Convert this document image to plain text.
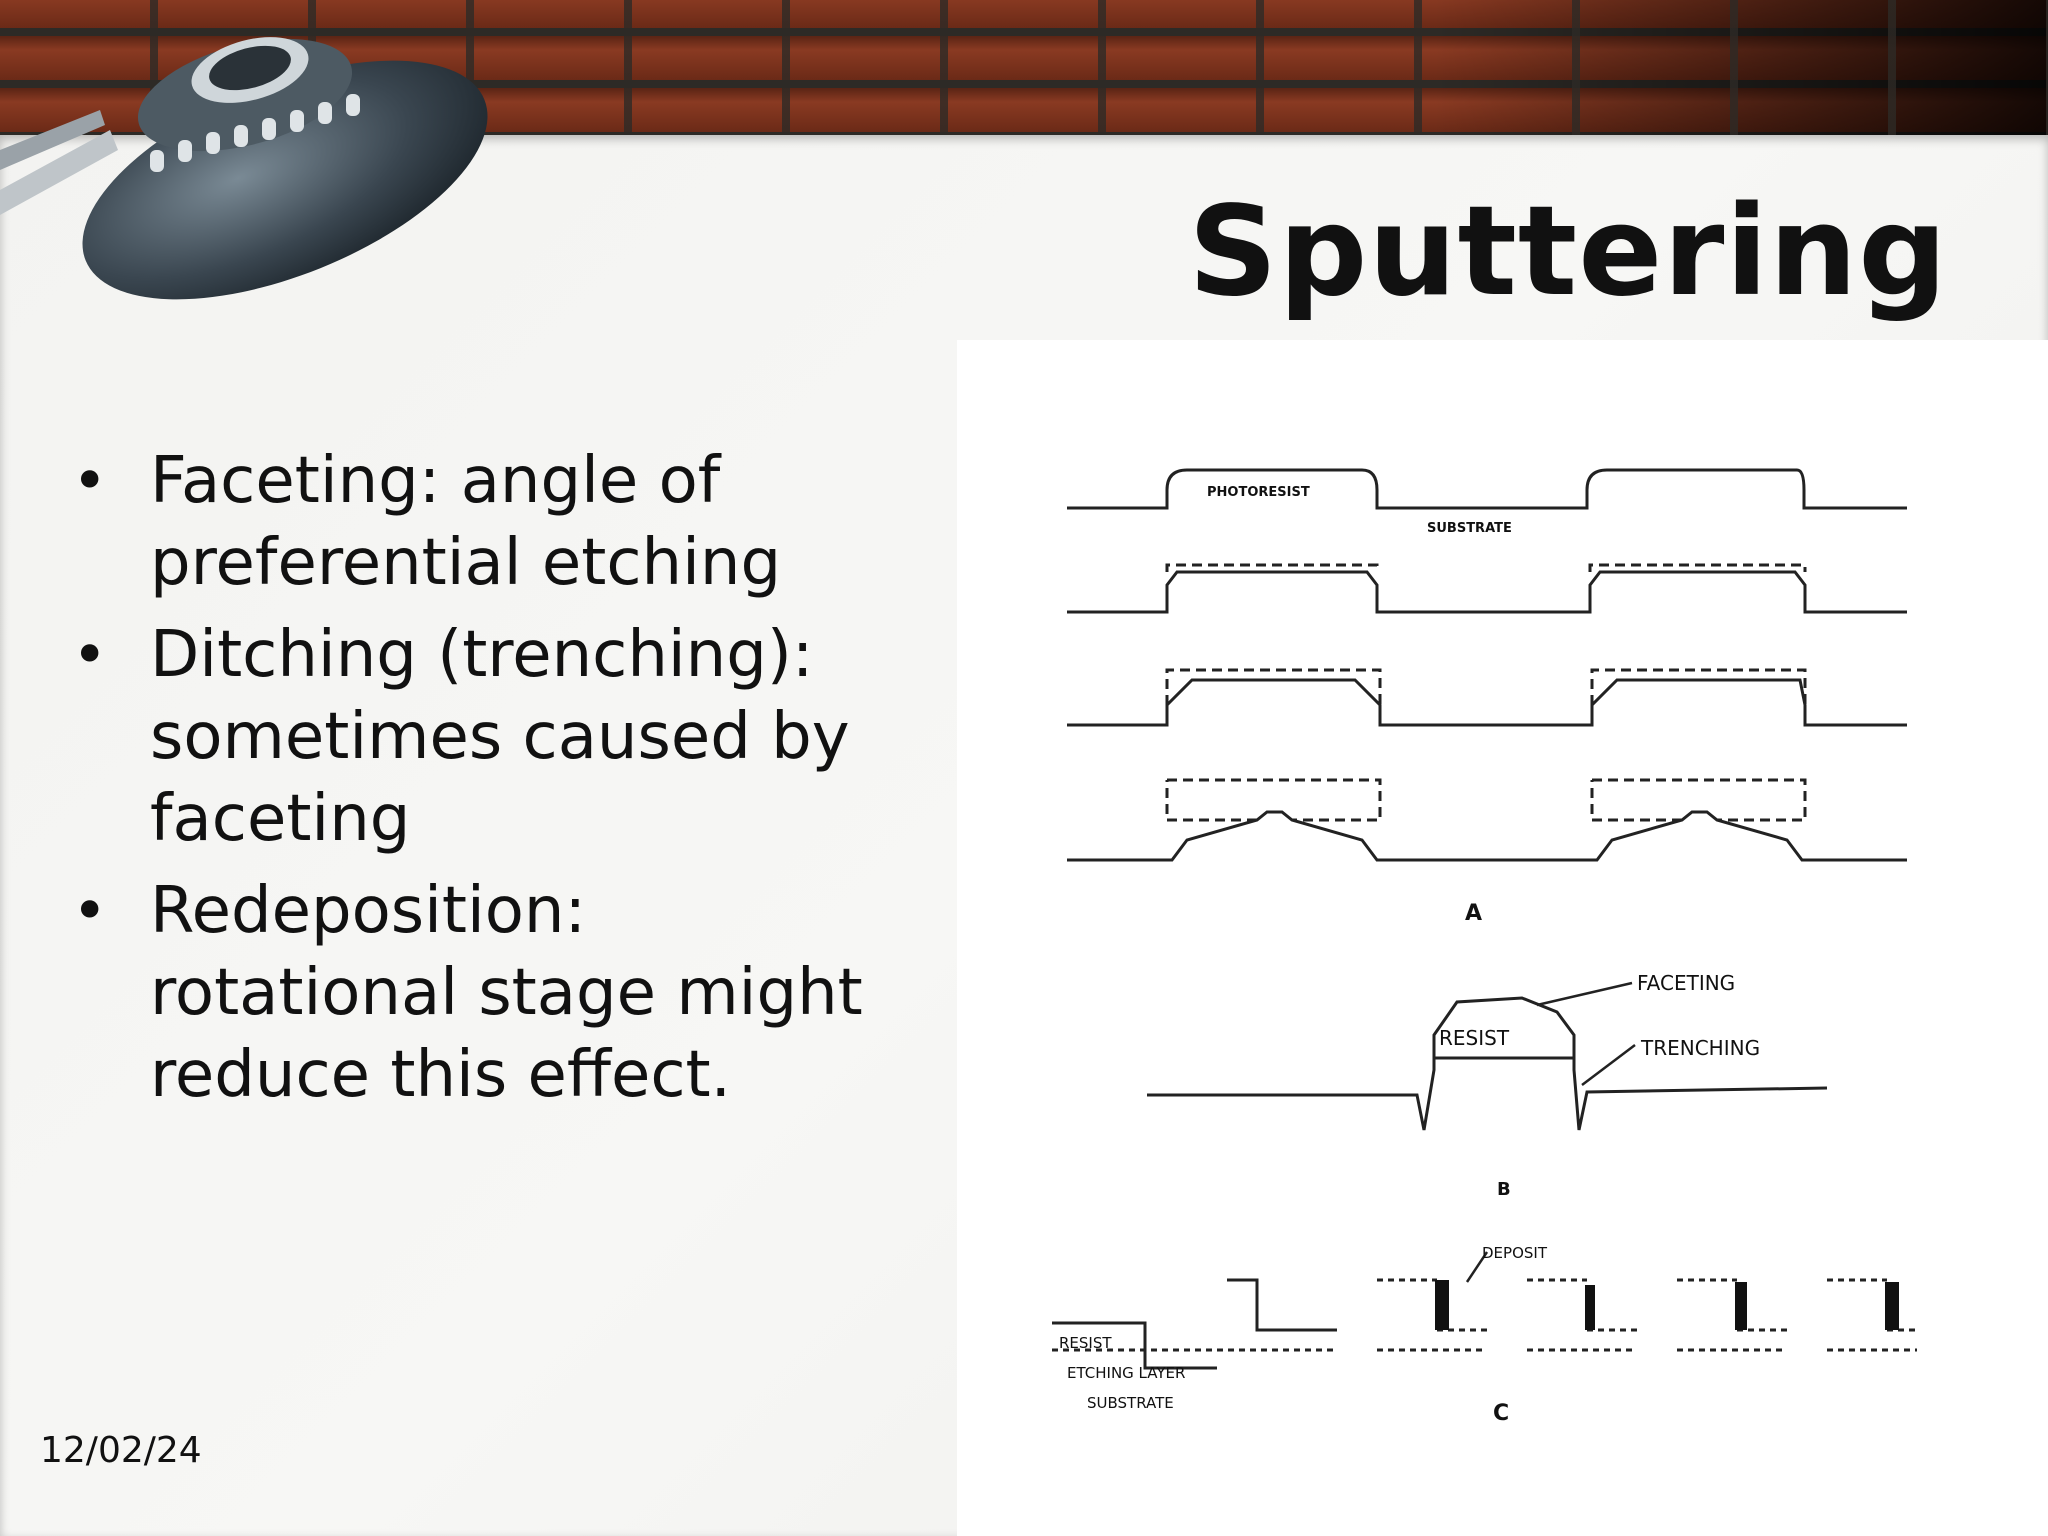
Sputtering
• Faceting: angle of preferential etching
• Ditching (trenching): sometimes caused by faceting
• Redeposition: rotational stage might reduce this effect.
12/02/24
PHOTORESIST
SUBSTRATE
A
FACETING
RESIST	TRENCHING
B
DEPOSIT
RESIST
ETCHING LAYER
SUBSTRATE	C
